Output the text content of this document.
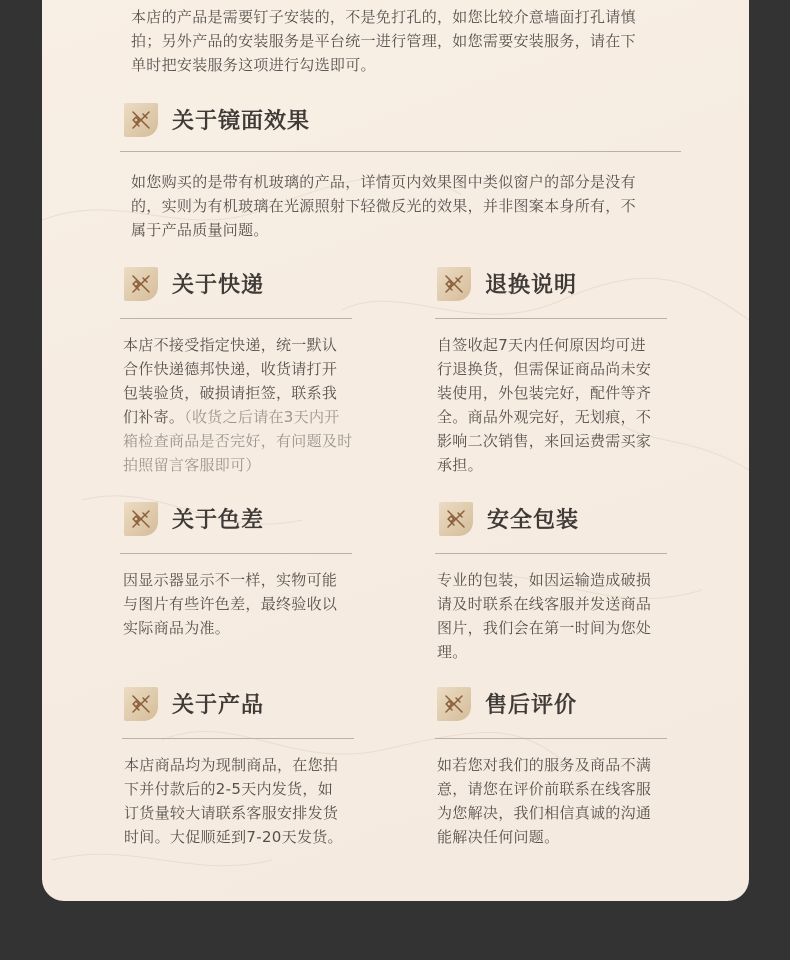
本店的产品是需要钉子安装的，不是免打孔的，如您比较介意墙面打孔请慎
拍；另外产品的安装服务是平台统一进行管理，如您需要安装服务，请在下
单时把安装服务这项进行勾选即可。

关于镜面效果

如您购买的是带有机玻璃的产品，详情页内效果图中类似窗户的部分是没有
的，实则为有机玻璃在光源照射下轻微反光的效果，并非图案本身所有，不
属于产品质量问题。

关于快递

本店不接受指定快递，统一默认
合作快递德邦快递，收货请打开
包装验货，破损请拒签，联系我
们补寄。（收货之后请在3天内开
箱检查商品是否完好，有问题及时
拍照留言客服即可）

退换说明

自签收起7天内任何原因均可进
行退换货，但需保证商品尚未安
装使用，外包装完好，配件等齐
全。商品外观完好，无划痕，不
影响二次销售，来回运费需买家
承担。

关于色差

因显示器显示不一样，实物可能
与图片有些许色差，最终验收以
实际商品为准。

安全包装

专业的包装，如因运输造成破损
请及时联系在线客服并发送商品
图片，我们会在第一时间为您处
理。

关于产品

本店商品均为现制商品，在您拍
下并付款后的2-5天内发货，如
订货量较大请联系客服安排发货
时间。大促顺延到7-20天发货。

售后评价

如若您对我们的服务及商品不满
意，请您在评价前联系在线客服
为您解决，我们相信真诚的沟通
能解决任何问题。
